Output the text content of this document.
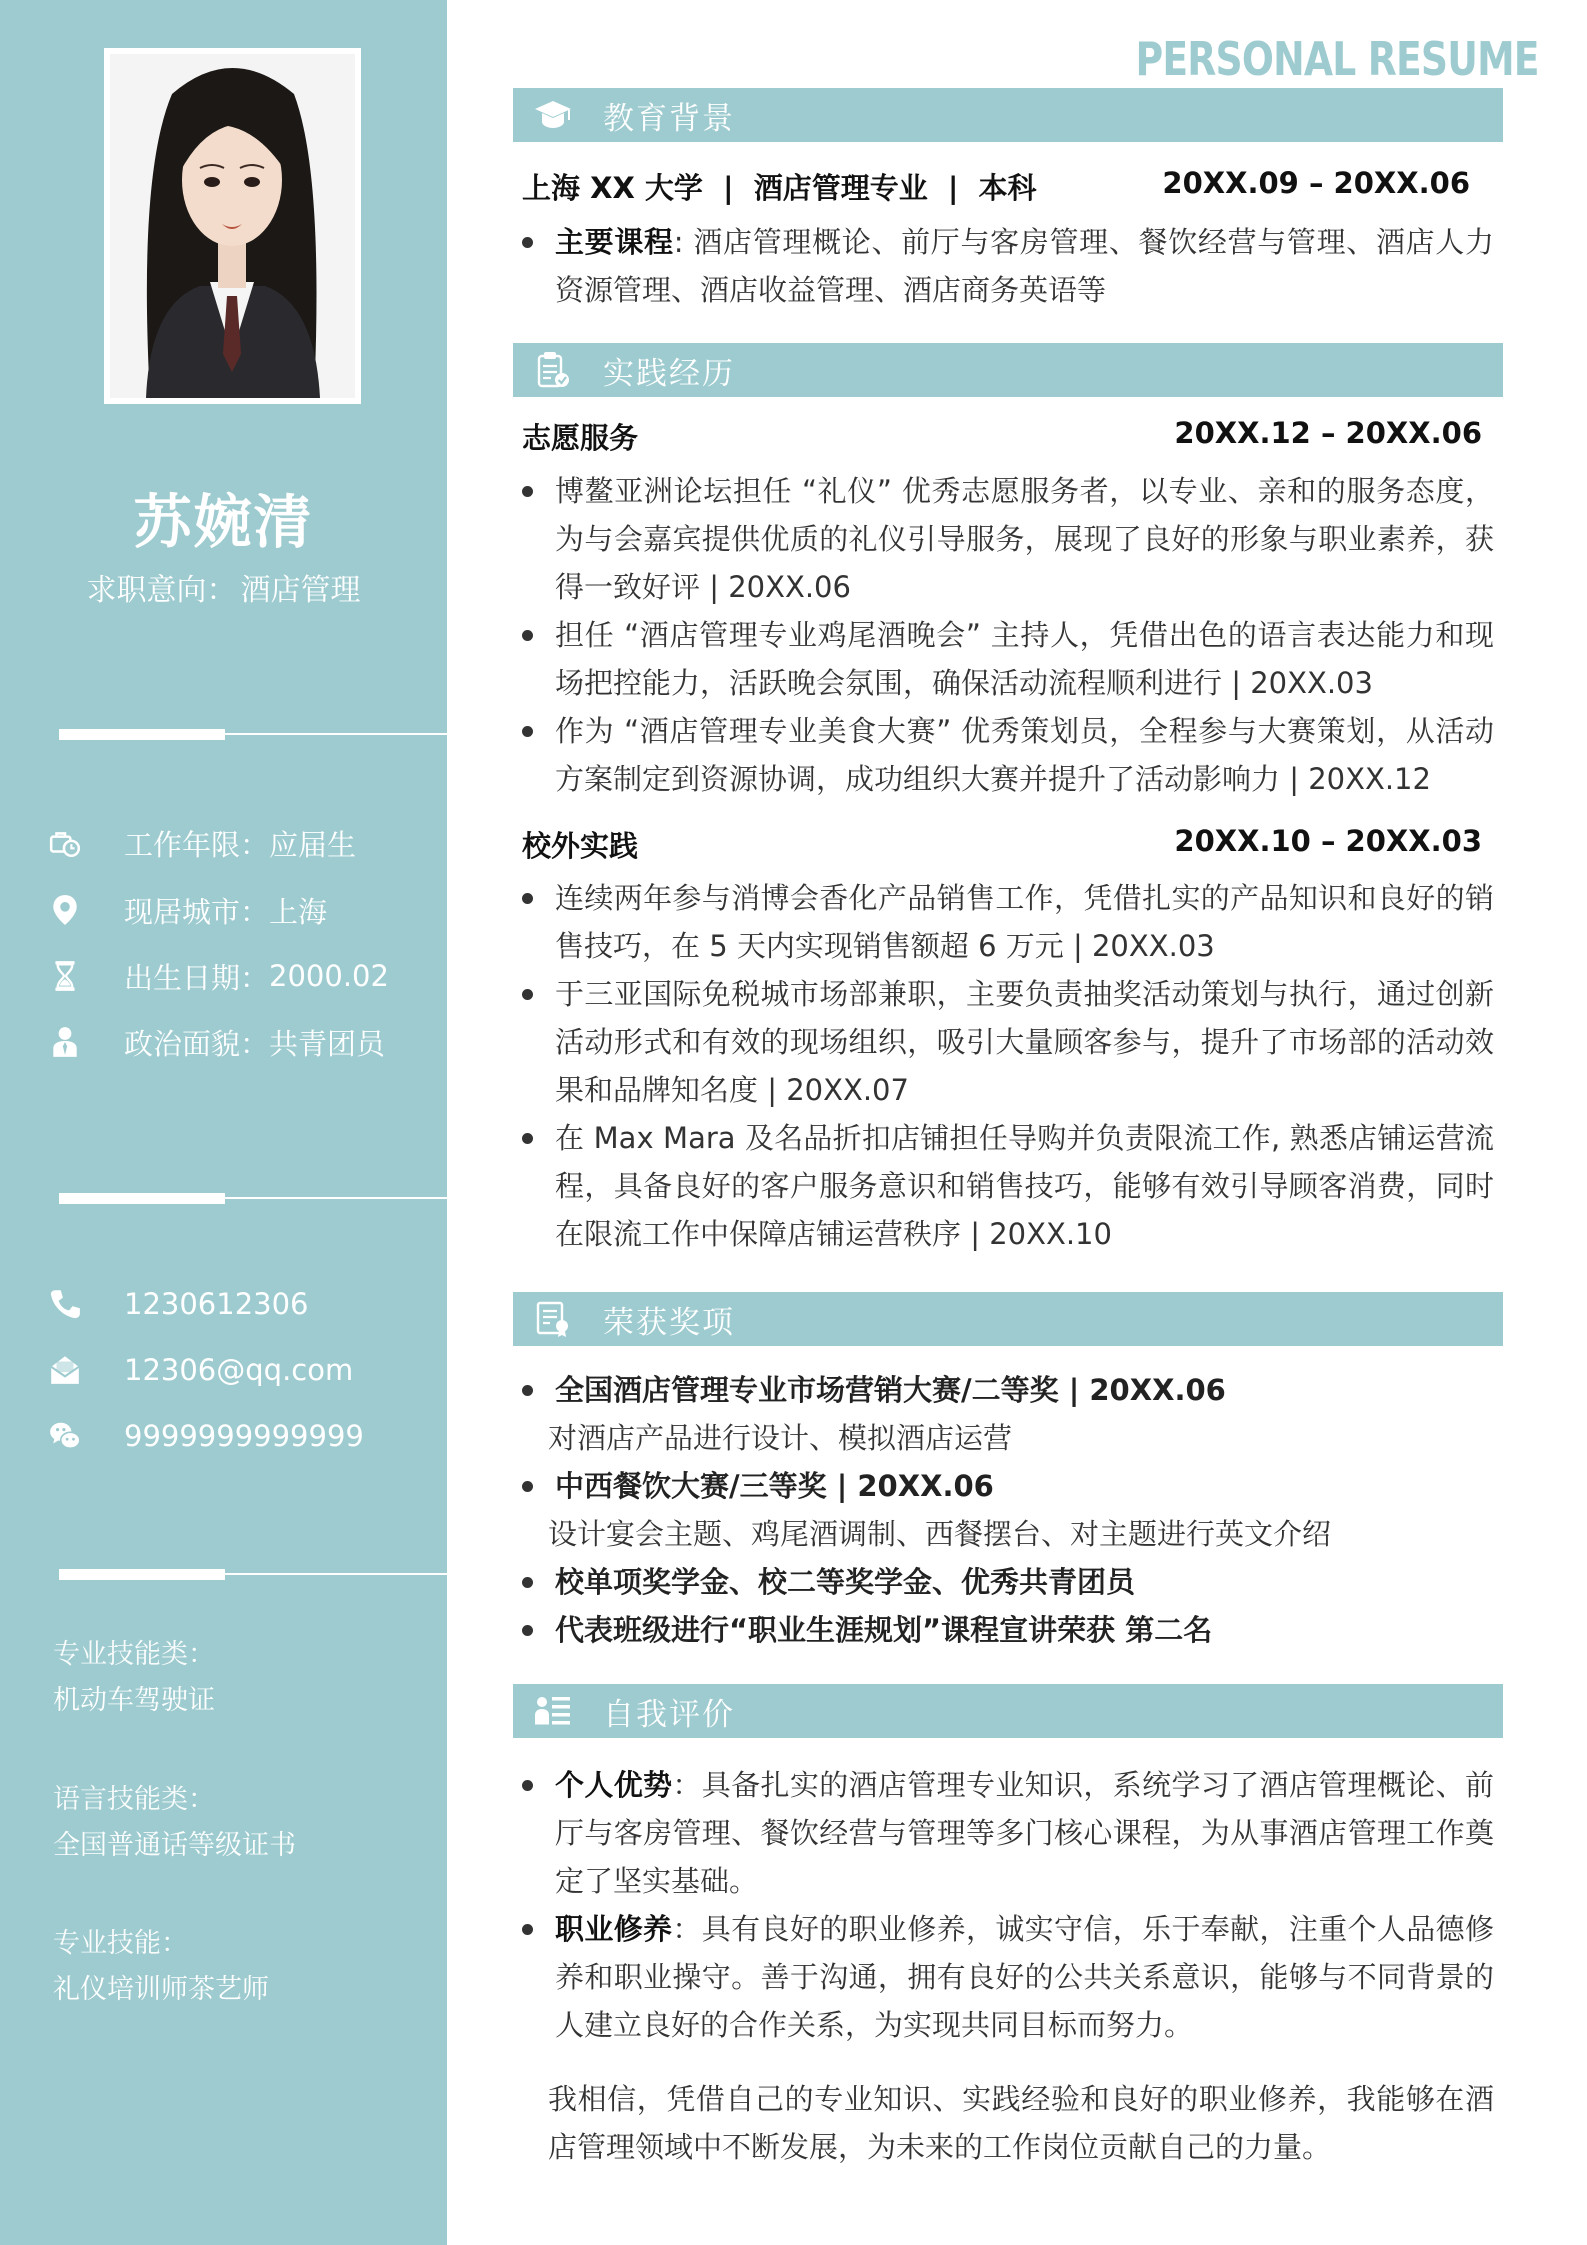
苏婉清
求职意向： 酒店管理
工作年限： 应届生
现居城市： 上海
出生日期： 2000.02
政治面貌： 共青团员
1230612306
12306@qq.com
9999999999999
专业技能类：
机动车驾驶证
语言技能类：
全国普通话等级证书
专业技能：
礼仪培训师茶艺师
PERSONAL RESUME
教育背景
上海 XX 大学 | 酒店管理专业 | 本科	20XX.09 – 20XX.06
主要课程: 酒店管理概论、前厅与客房管理、餐饮经营与管理、酒店人力资源管理、酒店收益管理、酒店商务英语等
实践经历
志愿服务	20XX.12 – 20XX.06
博鳌亚洲论坛担任 “礼仪” 优秀志愿服务者，以专业、亲和的服务态度，为与会嘉宾提供优质的礼仪引导服务，展现了良好的形象与职业素养，获得一致好评 | 20XX.06
担任 “酒店管理专业鸡尾酒晚会” 主持人，凭借出色的语言表达能力和现场把控能力，活跃晚会氛围，确保活动流程顺利进行 | 20XX.03
作为 “酒店管理专业美食大赛” 优秀策划员，全程参与大赛策划，从活动方案制定到资源协调，成功组织大赛并提升了活动影响力 | 20XX.12
校外实践	20XX.10 – 20XX.03
连续两年参与消博会香化产品销售工作，凭借扎实的产品知识和良好的销售技巧，在 5 天内实现销售额超 6 万元 | 20XX.03
于三亚国际免税城市场部兼职，主要负责抽奖活动策划与执行，通过创新活动形式和有效的现场组织，吸引大量顾客参与，提升了市场部的活动效果和品牌知名度 | 20XX.07
在 Max Mara 及名品折扣店铺担任导购并负责限流工作, 熟悉店铺运营流程，具备良好的客户服务意识和销售技巧，能够有效引导顾客消费，同时在限流工作中保障店铺运营秩序 | 20XX.10
荣获奖项
全国酒店管理专业市场营销大赛/二等奖 | 20XX.06
对酒店产品进行设计、模拟酒店运营
中西餐饮大赛/三等奖 | 20XX.06
设计宴会主题、鸡尾酒调制、西餐摆台、对主题进行英文介绍
校单项奖学金、校二等奖学金、优秀共青团员
代表班级进行“职业生涯规划”课程宣讲荣获 第二名
自我评价
个人优势：具备扎实的酒店管理专业知识，系统学习了酒店管理概论、前厅与客房管理、餐饮经营与管理等多门核心课程，为从事酒店管理工作奠定了坚实基础。
职业修养：具有良好的职业修养，诚实守信，乐于奉献，注重个人品德修养和职业操守。善于沟通，拥有良好的公共关系意识，能够与不同背景的人建立良好的合作关系，为实现共同目标而努力。
我相信，凭借自己的专业知识、实践经验和良好的职业修养，我能够在酒店管理领域中不断发展，为未来的工作岗位贡献自己的力量。
